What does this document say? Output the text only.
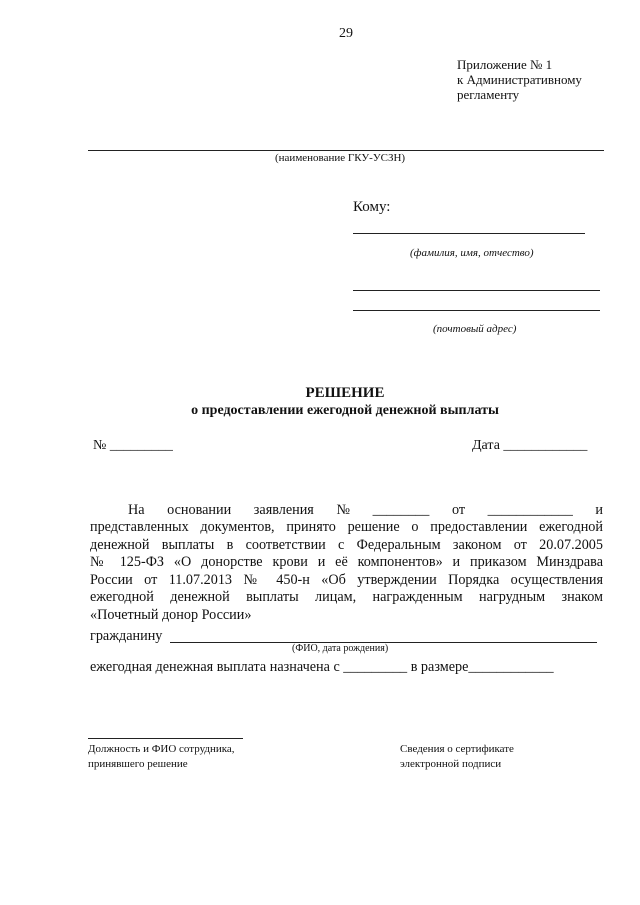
29
Приложение № 1
к Административному
регламенту
(наименование ГКУ-УСЗН)
Кому:
(фамилия, имя, отчество)
(почтовый адрес)
РЕШЕНИЕ
о предоставлении ежегодной денежной выплаты
№ _________	Дата ____________
На основании заявления № ________ от ____________ и
представленных документов, принято решение о предоставлении ежегодной
денежной выплаты в соответствии с Федеральным законом от 20.07.2005
№ 125-ФЗ «О донорстве крови и её компонентов» и приказом Минздрава
России от 11.07.2013 № 450-н «Об утверждении Порядка осуществления
ежегодной денежной выплаты лицам, награжденным нагрудным знаком
«Почетный донор России»
гражданину
(ФИО, дата рождения)
ежегодная денежная выплата назначена с _________ в размере____________
Должность и ФИО сотрудника,
принявшего решение
Сведения о сертификате
электронной подписи
